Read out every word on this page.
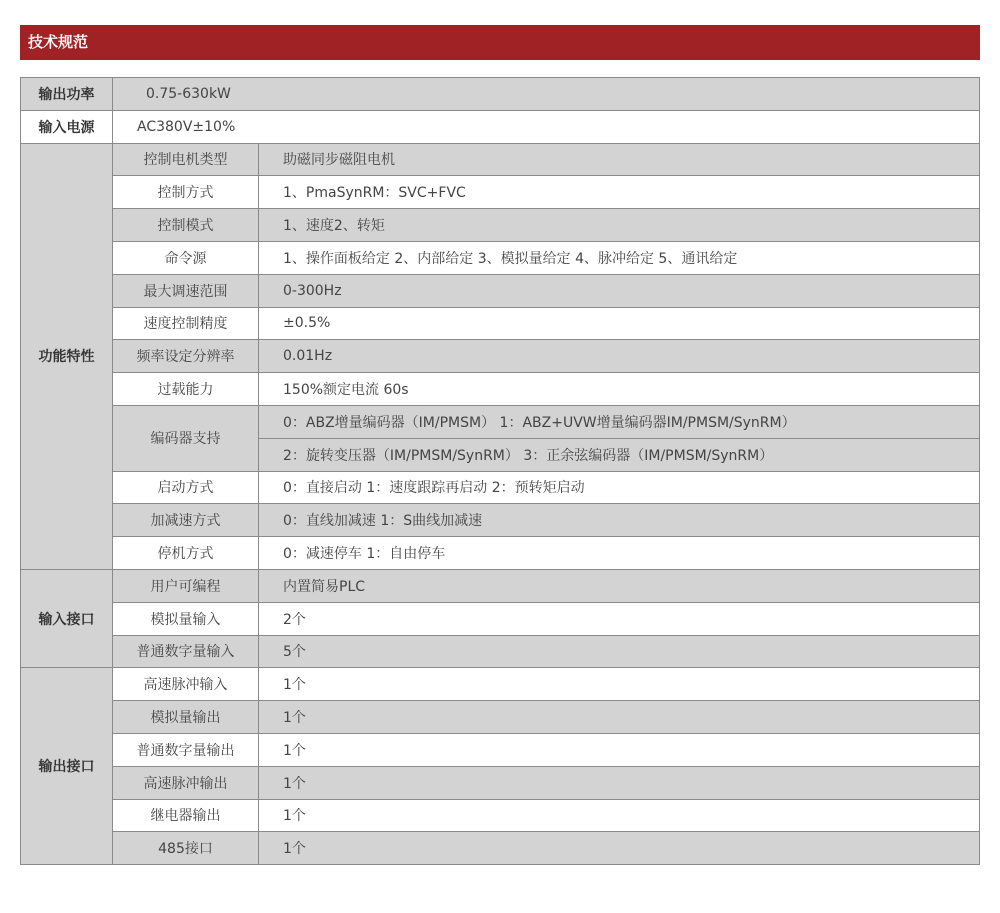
技术规范
输出功率	0.75-630kW	
输入电源	AC380V±10%	
功能特性	控制电机类型	助磁同步磁阻电机
	控制方式	1、PmaSynRM：SVC+FVC
	控制模式	1、速度2、转矩
	命令源	1、操作面板给定 2、内部给定 3、模拟量给定 4、脉冲给定 5、通讯给定
	最大调速范围	0-300Hz
	速度控制精度	±0.5%
	频率设定分辨率	0.01Hz
	过载能力	150%额定电流 60s
	编码器支持	0：ABZ增量编码器（IM/PMSM） 1：ABZ+UVW增量编码器IM/PMSM/SynRM）
		2：旋转变压器（IM/PMSM/SynRM） 3：正余弦编码器（IM/PMSM/SynRM）
	启动方式	0：直接启动 1：速度跟踪再启动 2：预转矩启动
	加减速方式	0：直线加减速 1：S曲线加减速
	停机方式	0：减速停车 1：自由停车
输入接口	用户可编程	内置简易PLC
	模拟量输入	2个
	普通数字量输入	5个
输出接口	高速脉冲输入	1个
	模拟量输出	1个
	普通数字量输出	1个
	高速脉冲输出	1个
	继电器输出	1个
	485接口	1个
